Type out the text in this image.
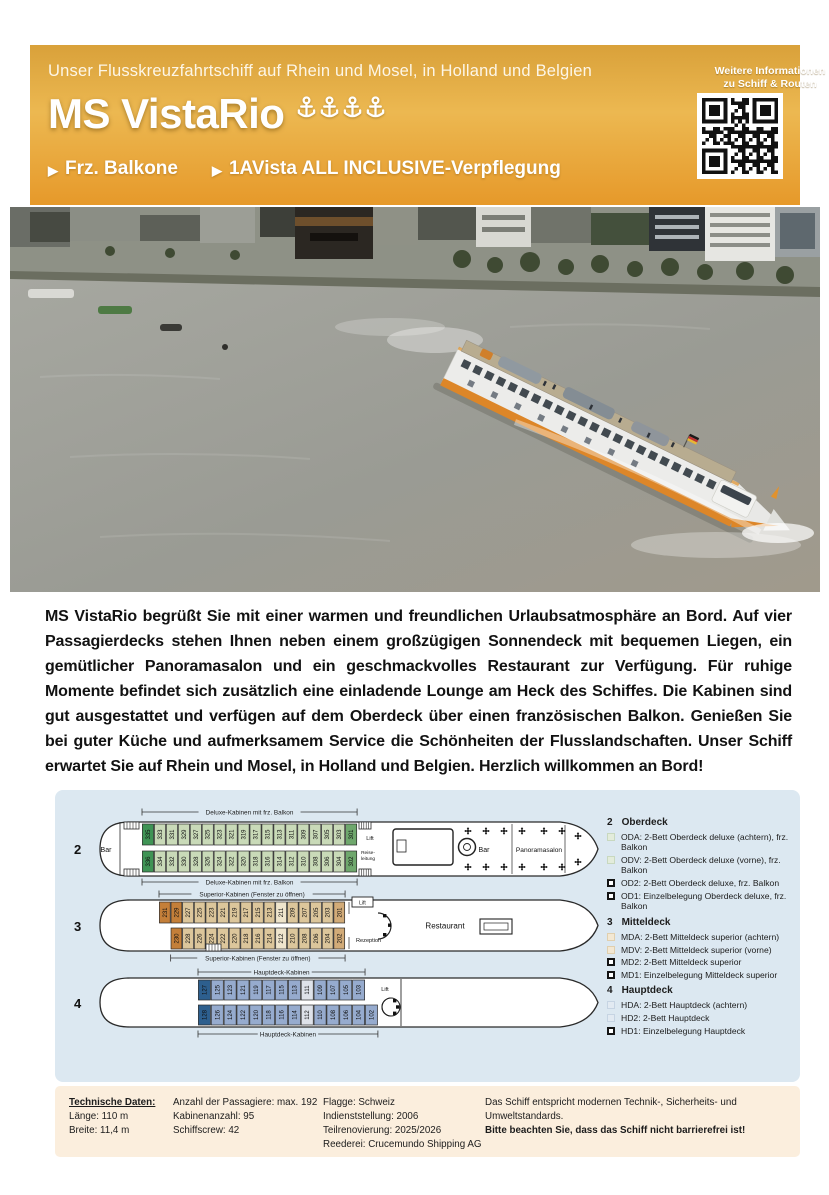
Unser Flusskreuzfahrtschiff auf Rhein und Mosel, in Holland und Belgien
MS VistaRio
▶ Frz. Balkone	▶ 1AVista ALL INCLUSIVE-Verpflegung
Weitere Informationen
zu Schiff & Routen

MS VistaRio begrüßt Sie mit einer warmen und freundlichen Urlaubsatmosphäre an Bord. Auf vier Passagierdecks stehen Ihnen neben einem großzügigen Sonnendeck mit bequemen Liegen, ein gemütlicher Panoramasalon und ein geschmackvolles Restaurant zur Verfügung. Für ruhige Momente befindet sich zusätzlich eine einladende Lounge am Heck des Schiffes. Die Kabinen sind gut ausgestattet und verfügen auf dem Oberdeck über einen französischen Balkon. Genießen Sie bei guter Küche und aufmerksamem Service die Schönheiten der Flusslandschaften. Unser Schiff erwartet Sie auf Rhein und Mosel, in Holland und Belgien. Herzlich willkommen an Bord!

2
335 333 331 329 327 325 323 321 319 317 315 313 311 309 307 305 303 301
336 334 332 330 328 326 324 322 320 318 316 314 312 310 308 306 304 302
Deluxe-Kabinen mit frz. Balkon
Deluxe-Kabinen mit frz. Balkon
Bar
Lift
Reise-
leitung
Bar	Panoramasalon
3
231 229 227 225 223 221 219 217 215 213 211 209 207 205 203 201
230 228 226 224 222 220 218 216 214 212 210 208 206 204 202
Superior-Kabinen (Fenster zu öffnen)
Superior-Kabinen (Fenster zu öffnen)
Lift
Rezeption
Restaurant
4
127 125 123 121 119 117 115 113 111 109 107 105 103
128 126 124 122 120 118 116 114 112 110 108 106 104 102
Hauptdeck-Kabinen
Hauptdeck-Kabinen
Lift
2 Oberdeck
ODA: 2-Bett Oberdeck deluxe (achtern), frz. Balkon
ODV: 2-Bett Oberdeck deluxe (vorne), frz. Balkon
OD2: 2-Bett Oberdeck deluxe, frz. Balkon
OD1: Einzelbelegung Oberdeck deluxe, frz. Balkon
3 Mitteldeck
MDA: 2-Bett Mitteldeck superior (achtern)
MDV: 2-Bett Mitteldeck superior (vorne)
MD2: 2-Bett Mitteldeck superior
MD1: Einzelbelegung Mitteldeck superior
4 Hauptdeck
HDA: 2-Bett Hauptdeck (achtern)
HD2: 2-Bett Hauptdeck
HD1: Einzelbelegung Hauptdeck
Technische Daten:
Länge: 110 m
Breite: 11,4 m
Anzahl der Passagiere: max. 192
Kabinenanzahl: 95
Schiffscrew: 42
Flagge: Schweiz
Indienststellung: 2006
Teilrenovierung: 2025/2026
Reederei: Crucemundo Shipping AG
Das Schiff entspricht modernen Technik-, Sicherheits- und Umweltstandards.
Bitte beachten Sie, dass das Schiff nicht barrierefrei ist!
